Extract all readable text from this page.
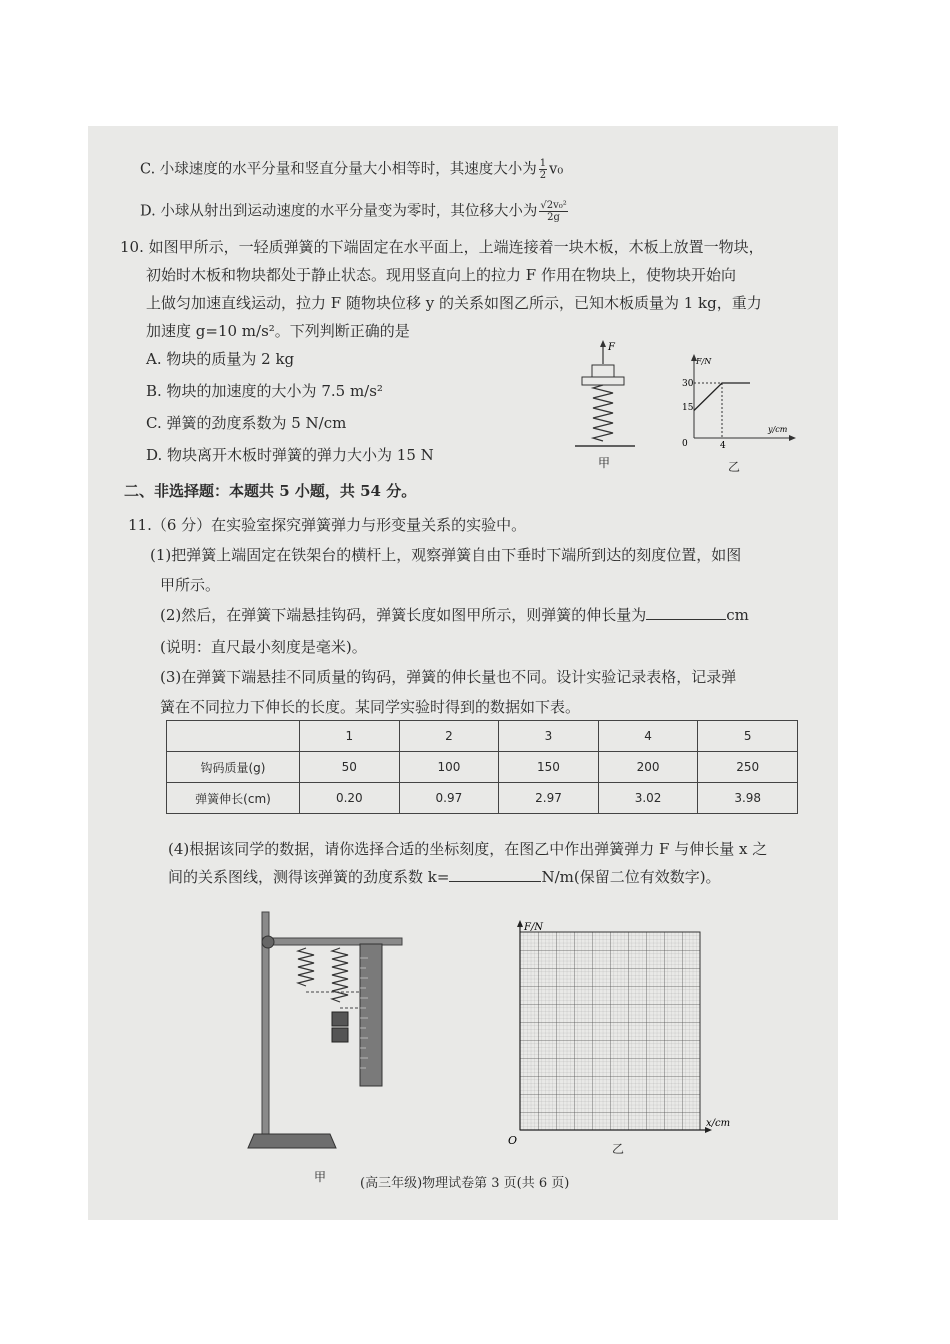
C. 小球速度的水平分量和竖直分量大小相等时，其速度大小为 $\frac{1}{2} v_0$
D. 小球从射出到运动速度的水平分量变为零时，其位移大小为 $\frac{\text{√2v₀²}}{2g}$
10. 如图甲所示，一轻质弹簧的下端固定在水平面上，上端连接着一块木板，木板上放置一物块，
初始时木板和物块都处于静止状态。现用竖直向上的拉力 F 作用在物块上，使物块开始向
上做匀加速直线运动，拉力 F 随物块位移 y 的关系如图乙所示，已知木板质量为 1 kg，重力
加速度 g=10 m/s²。下列判断正确的是
A. 物块的质量为 2 kg
B. 物块的加速度的大小为 7.5 m/s²
C. 弹簧的劲度系数为 5 N/cm
D. 物块离开木板时弹簧的弹力大小为 15 N
F
甲
F/N
y/cm
30
15
0	4
乙
二、非选择题：本题共 5 小题，共 54 分。
11.（6 分）在实验室探究弹簧弹力与形变量关系的实验中。
(1)把弹簧上端固定在铁架台的横杆上，观察弹簧自由下垂时下端所到达的刻度位置，如图
甲所示。
(2)然后，在弹簧下端悬挂钩码，弹簧长度如图甲所示，则弹簧的伸长量为	cm
(说明：直尺最小刻度是毫米)。
(3)在弹簧下端悬挂不同质量的钩码，弹簧的伸长量也不同。设计实验记录表格，记录弹
簧在不同拉力下伸长的长度。某同学实验时得到的数据如下表。
	1	2	3	4	5
钩码质量(g)	50	100	150	200	250
弹簧伸长(cm)	0.20	0.97	2.97	3.02	3.98
(4)根据该同学的数据，请你选择合适的坐标刻度，在图乙中作出弹簧弹力 F 与伸长量 x 之
间的关系图线，测得该弹簧的劲度系数 k=	N/m(保留二位有效数字)。
甲
F/N
x/cm
O
乙
(高三年级)物理试卷第 3 页(共 6 页)
